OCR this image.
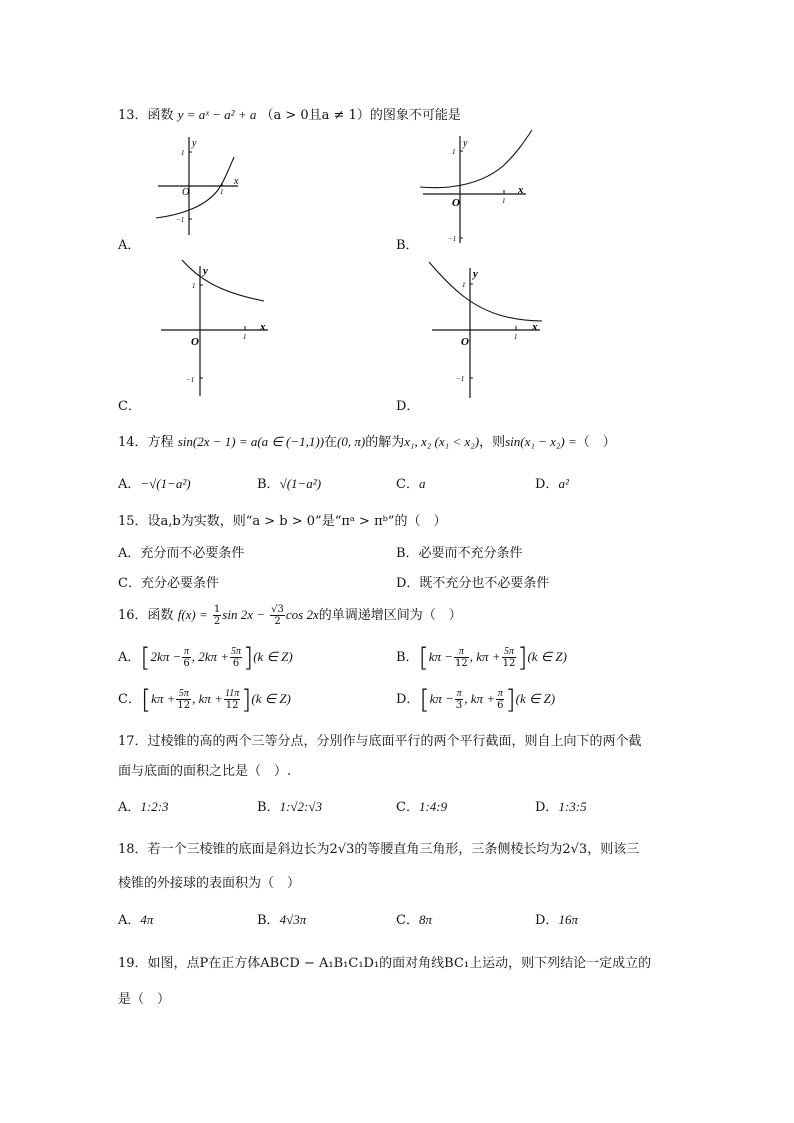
13．函数 y = aˣ − a² + a （a > 0且a ≠ 1）的图象不可能是
y
x
O
1
−1
1
A．
y
x
O
1
−1
1
B．
y
x
O
1
−1
1
C．
y
x
O
1
−1
1
D．
14．方程 sin(2x − 1) = a(a ∈ (−1,1))在(0, π)的解为x₁, x₂ (x₁ < x₂)，则sin(x₁ − x₂) =（　）
A．−√(1−a²)	B．√(1−a²)	C．a	D．a²
15．设a,b为实数，则“a > b > 0”是“πᵃ > πᵇ”的（　）
A．充分而不必要条件	B．必要而不充分条件
C．充分必要条件	D．既不充分也不必要条件
16．函数 $f(x) = \frac{1}{2}$ $\sin 2x - \frac{√3}{2}$ cos 2x的单调递增区间为（　）
A．[$2k\pi - \frac{\pi}{6}$ , $2k\pi + \frac{5\pi}{6} ](k$ ∈ Z)	B．[$k\pi - \frac{\pi}{12}$ , $k\pi + \frac{5\pi}{12} ](k$ ∈ Z)
C．[$k\pi + \frac{5\pi}{12}$ , $k\pi + \frac{11\pi}{12} ](k$ ∈ Z)	D．[$k\pi - \frac{\pi}{3}$ , $k\pi + \frac{\pi}{6} ](k$ ∈ Z)
17．过棱锥的高的两个三等分点，分别作与底面平行的两个平行截面，则自上向下的两个截
面与底面的面积之比是（　）.
A．1:2:3	B．1:√2:√3	C．1:4:9	D．1:3:5
18．若一个三棱锥的底面是斜边长为2√3的等腰直角三角形，三条侧棱长均为2√3，则该三
棱锥的外接球的表面积为（　）
A．4π	B．4√3π	C．8π	D．16π
19．如图，点P在正方体ABCD − A₁B₁C₁D₁的面对角线BC₁上运动，则下列结论一定成立的
是（　）
